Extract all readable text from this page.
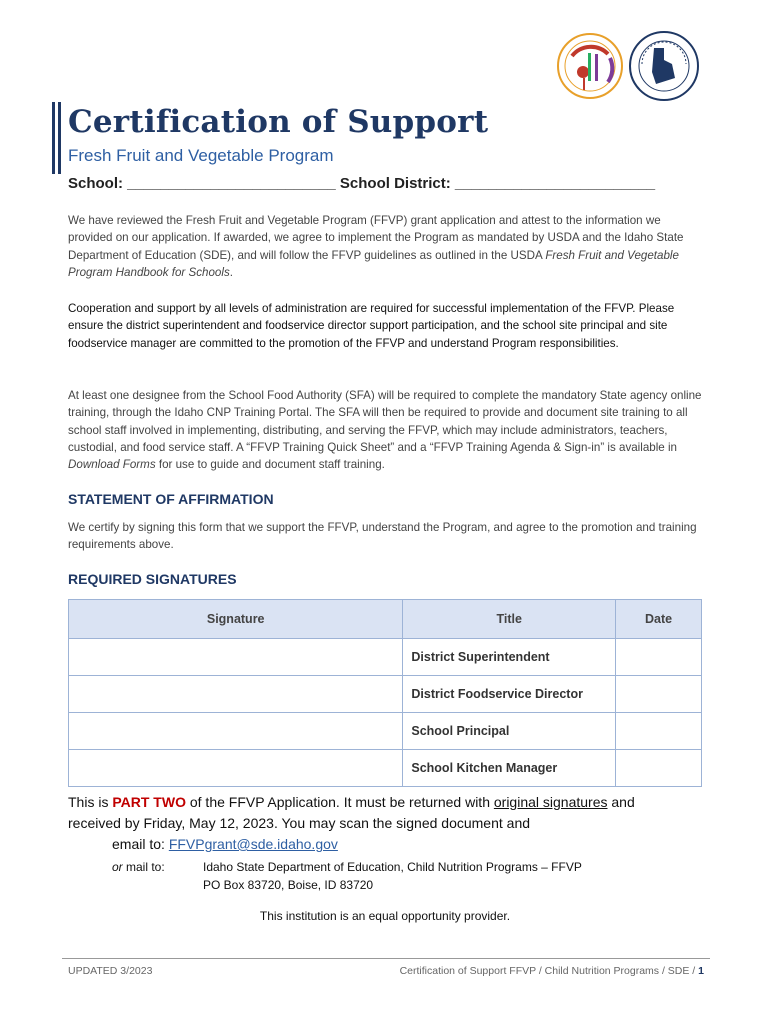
Certification of Support
Fresh Fruit and Vegetable Program
School: _________________________ School District: ________________________

We have reviewed the Fresh Fruit and Vegetable Program (FFVP) grant application and attest to the information we provided on our application. If awarded, we agree to implement the Program as mandated by USDA and the Idaho State Department of Education (SDE), and will follow the FFVP guidelines as outlined in the USDA Fresh Fruit and Vegetable Program Handbook for Schools.

Cooperation and support by all levels of administration are required for successful implementation of the FFVP. Please ensure the district superintendent and foodservice director support participation, and the school site principal and site foodservice manager are committed to the promotion of the FFVP and understand Program responsibilities.

At least one designee from the School Food Authority (SFA) will be required to complete the mandatory State agency online training, through the Idaho CNP Training Portal. The SFA will then be required to provide and document site training to all school staff involved in implementing, distributing, and serving the FFVP, which may include administrators, teachers, custodial, and food service staff. A “FFVP Training Quick Sheet” and a “FFVP Training Agenda & Sign-in” is available in Download Forms for use to guide and document staff training.

STATEMENT OF AFFIRMATION

We certify by signing this form that we support the FFVP, understand the Program, and agree to the promotion and training requirements above.

REQUIRED SIGNATURES
Signature	Title	Date
	District Superintendent	
	District Foodservice Director	
	School Principal	
	School Kitchen Manager	
This is PART TWO of the FFVP Application. It must be returned with original signatures and
received by Friday, May 12, 2023. You may scan the signed document and
email to: FFVPgrant@sde.idaho.gov
or mail to:	Idaho State Department of Education, Child Nutrition Programs – FFVP
PO Box 83720, Boise, ID 83720
This institution is an equal opportunity provider.
UPDATED 3/2023	Certification of Support FFVP / Child Nutrition Programs / SDE / 1
